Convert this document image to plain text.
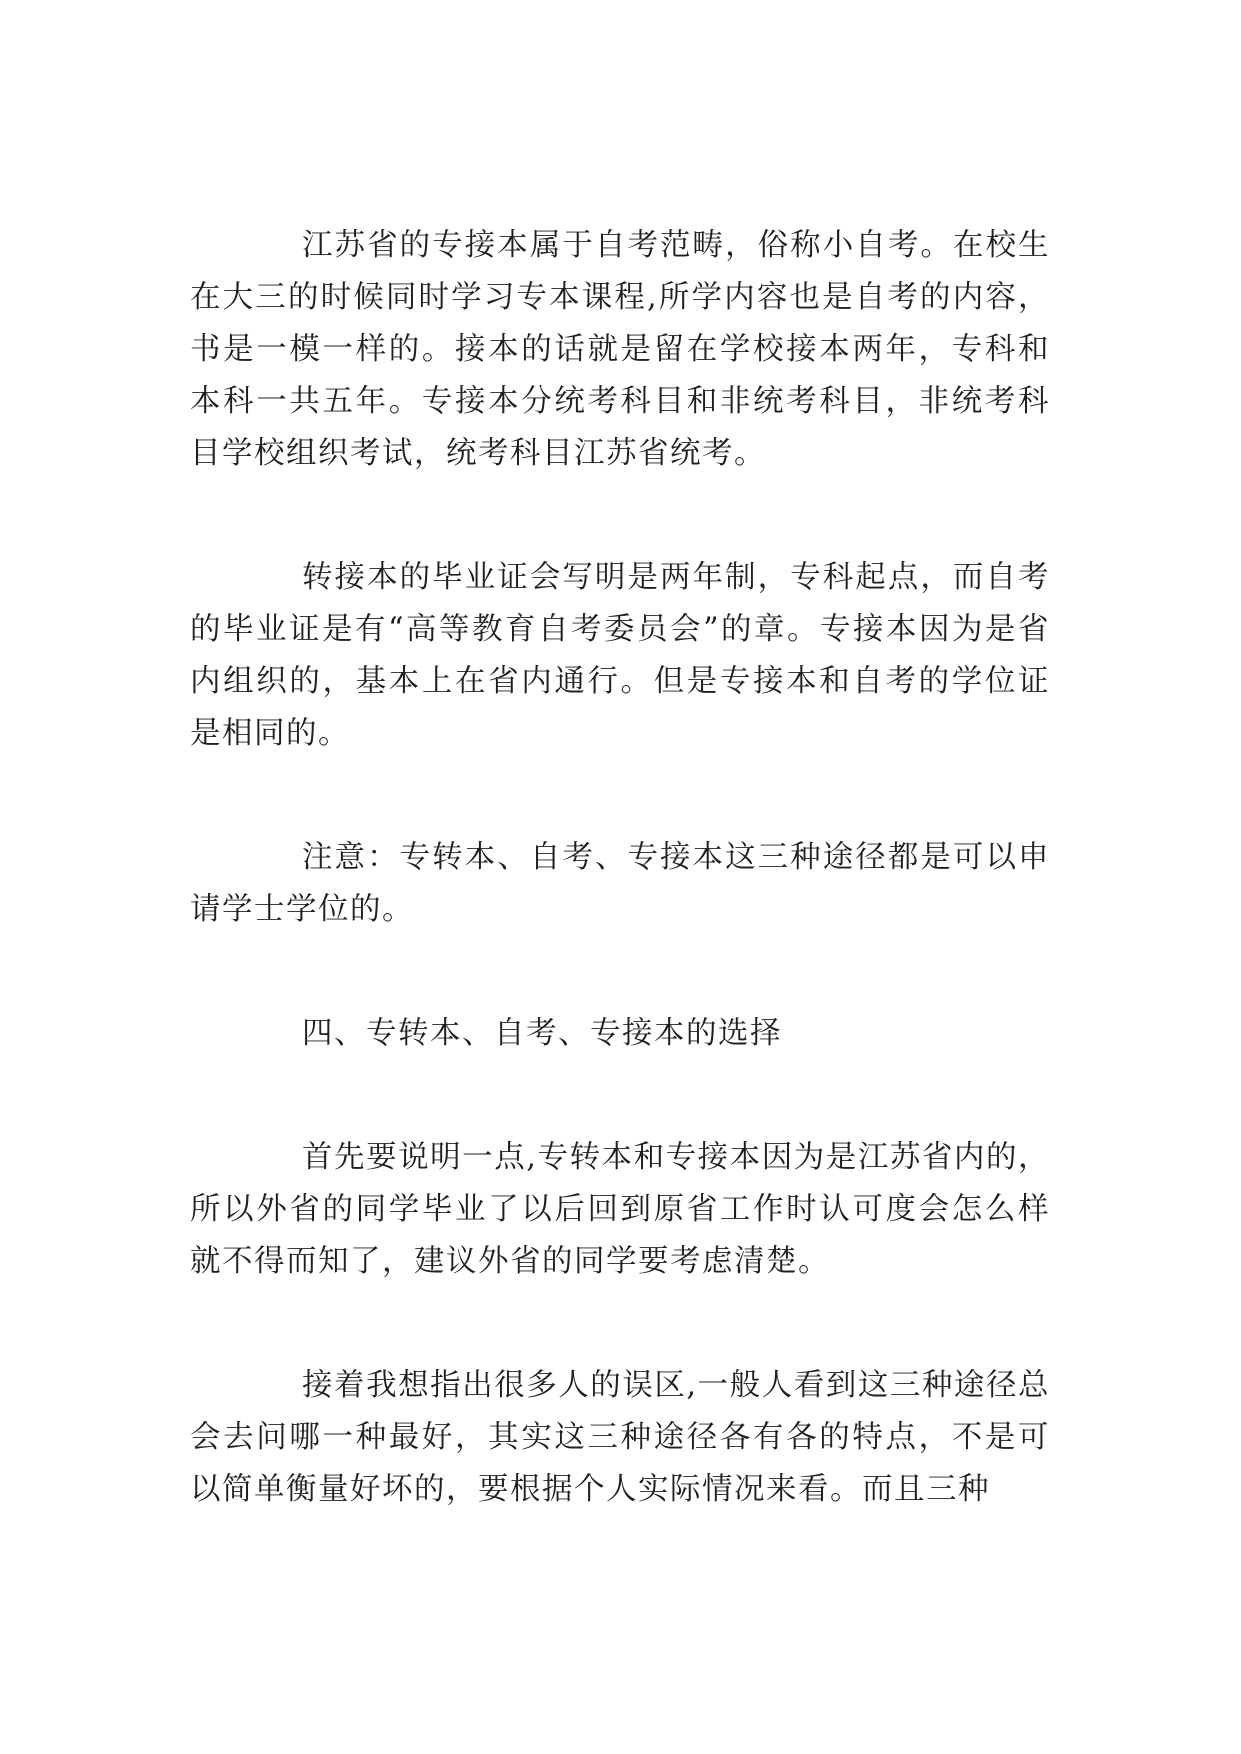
江苏省的专接本属于自考范畴，俗称小自考。在校生在大三的时候同时学习专本课程,所学内容也是自考的内容，书是一模一样的。接本的话就是留在学校接本两年，专科和本科一共五年。专接本分统考科目和非统考科目，非统考科目学校组织考试，统考科目江苏省统考。

转接本的毕业证会写明是两年制，专科起点，而自考的毕业证是有“高等教育自考委员会”的章。专接本因为是省内组织的，基本上在省内通行。但是专接本和自考的学位证是相同的。

注意：专转本、自考、专接本这三种途径都是可以申请学士学位的。

四、专转本、自考、专接本的选择

首先要说明一点,专转本和专接本因为是江苏省内的，所以外省的同学毕业了以后回到原省工作时认可度会怎么样就不得而知了，建议外省的同学要考虑清楚。

接着我想指出很多人的误区,一般人看到这三种途径总会去问哪一种最好，其实这三种途径各有各的特点，不是可以简单衡量好坏的，要根据个人实际情况来看。而且三种
